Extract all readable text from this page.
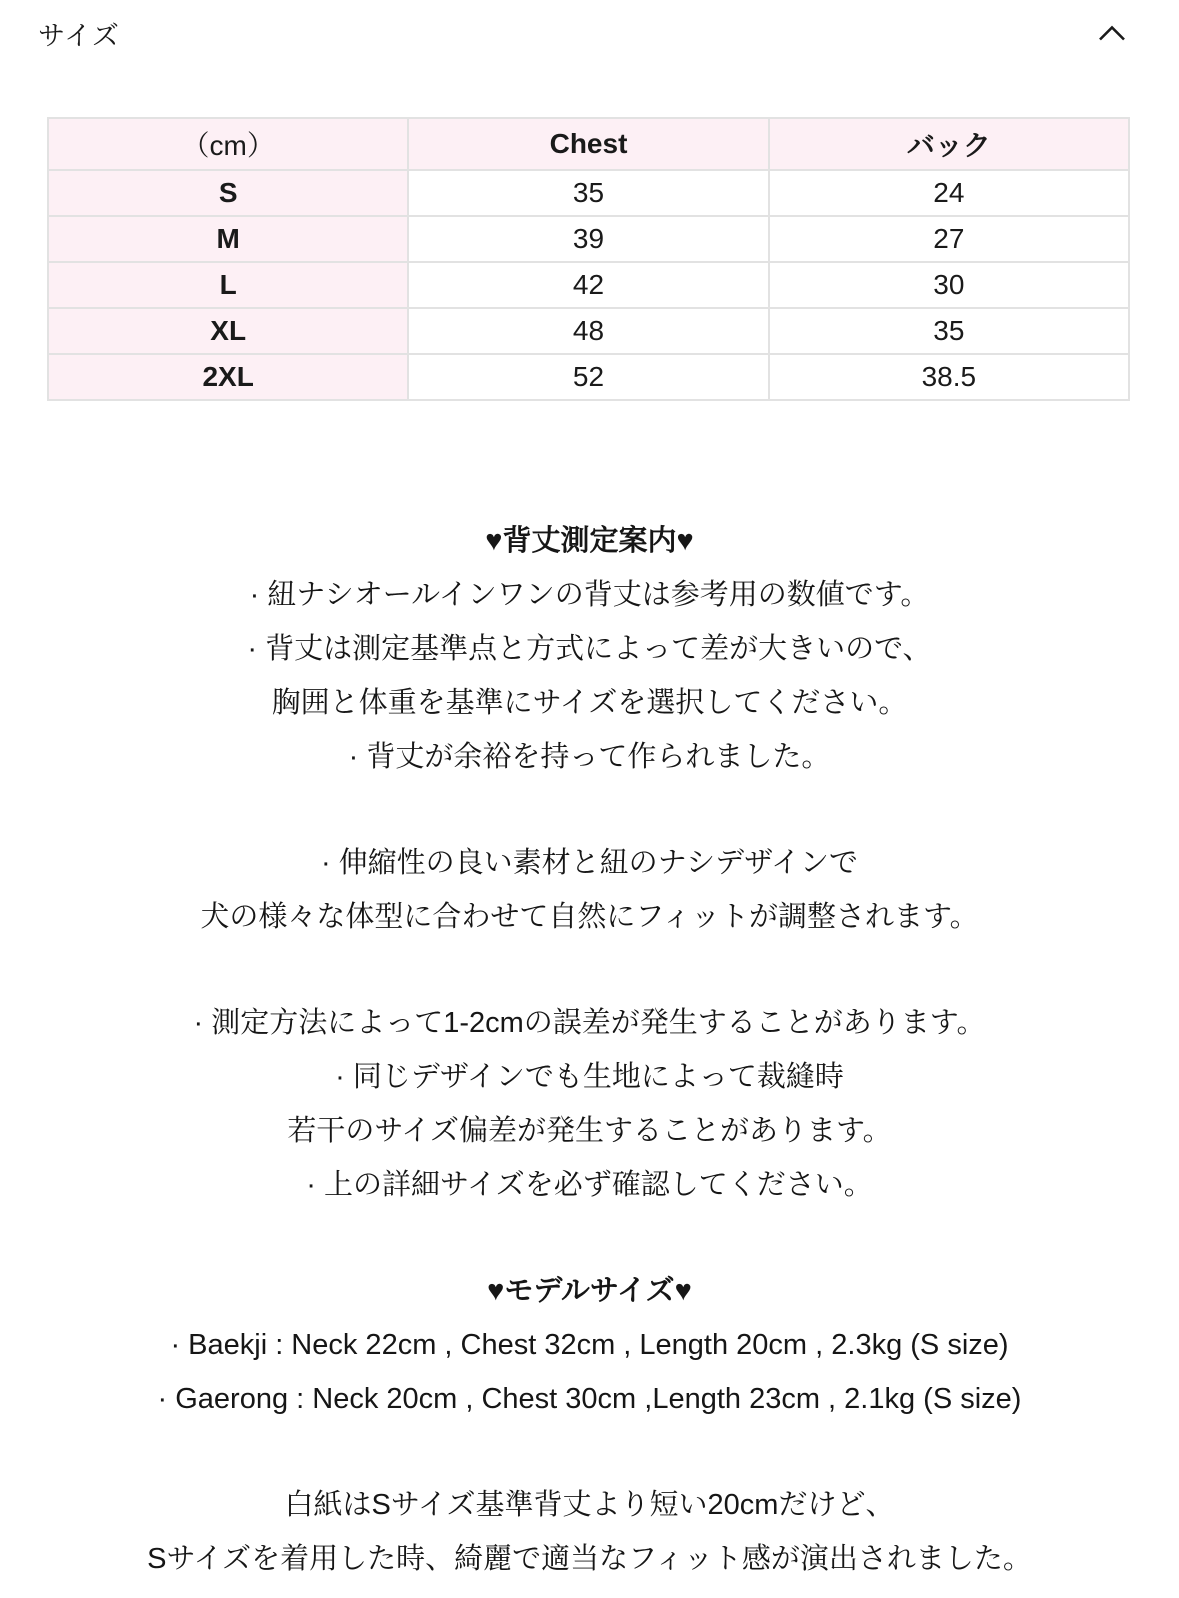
サイズ
（cm）	Chest	バック
S	35	24
M	39	27
L	42	30
XL	48	35
2XL	52	38.5
♥背丈測定案内♥
· 紐ナシオールインワンの背丈は参考用の数値です。
· 背丈は測定基準点と方式によって差が大きいので、
胸囲と体重を基準にサイズを選択してください。
· 背丈が余裕を持って作られました。
· 伸縮性の良い素材と紐のナシデザインで
犬の様々な体型に合わせて自然にフィットが調整されます。
· 測定方法によって1-2cmの誤差が発生することがあります。
· 同じデザインでも生地によって裁縫時
若干のサイズ偏差が発生することがあります。
· 上の詳細サイズを必ず確認してください。
♥モデルサイズ♥
· Baekji : Neck 22cm , Chest 32cm , Length 20cm , 2.3kg (S size)
· Gaerong : Neck 20cm , Chest 30cm ,Length 23cm , 2.1kg (S size)
白紙はSサイズ基準背丈より短い20cmだけど、
Sサイズを着用した時、綺麗で適当なフィット感が演出されました。
